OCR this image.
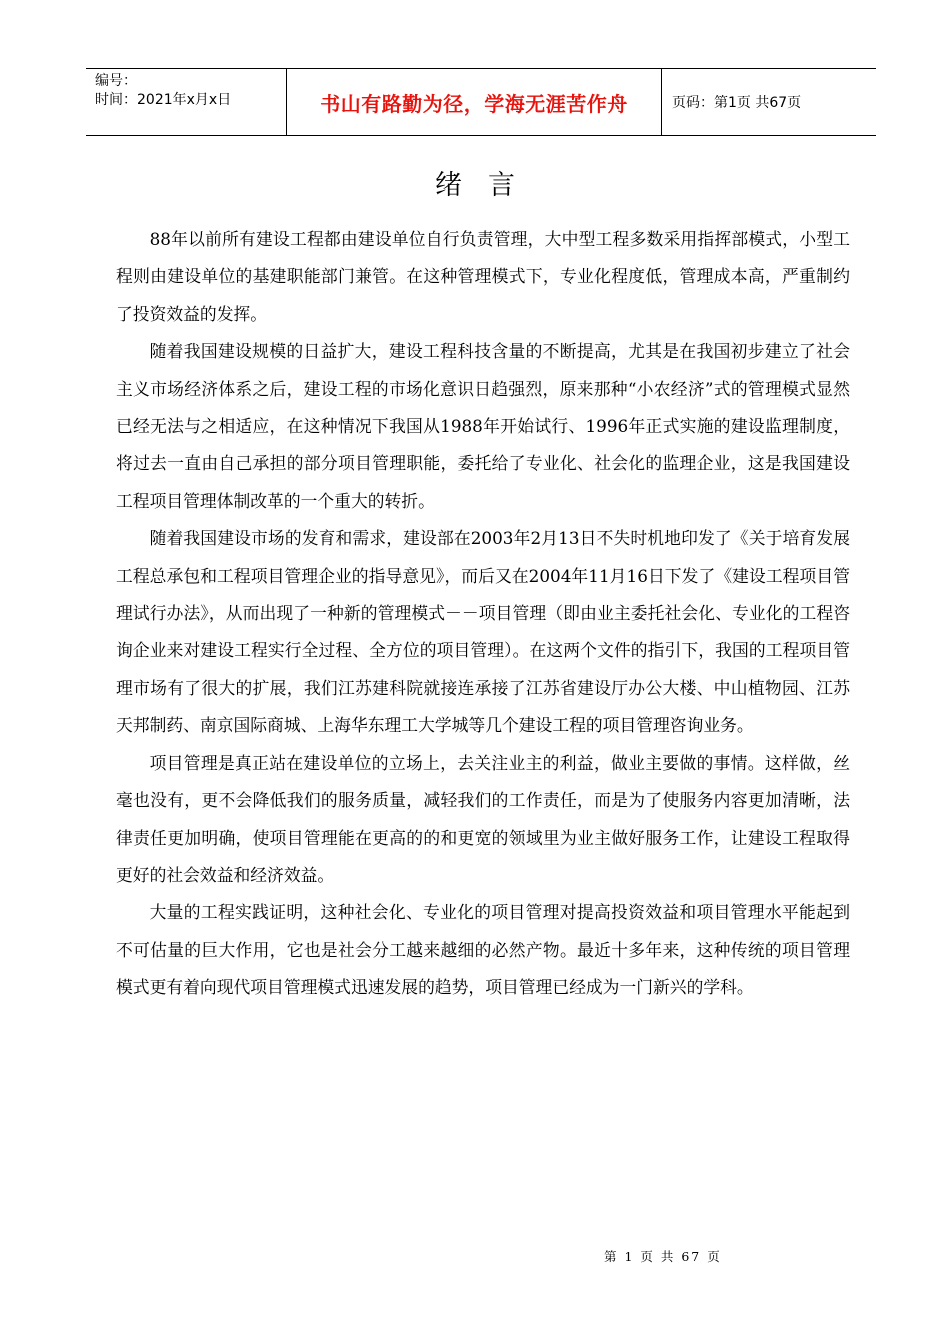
编号：
时间：2021年x月x日	书山有路勤为径，学海无涯苦作舟	页码：第1页 共67页
绪言

88年以前所有建设工程都由建设单位自行负责管理，大中型工程多数采用指挥部模式，小型工程则由建设单位的基建职能部门兼管。在这种管理模式下，专业化程度低，管理成本高，严重制约了投资效益的发挥。

随着我国建设规模的日益扩大，建设工程科技含量的不断提高，尤其是在我国初步建立了社会主义市场经济体系之后，建设工程的市场化意识日趋强烈，原来那种“小农经济”式的管理模式显然已经无法与之相适应，在这种情况下我国从1988年开始试行、1996年正式实施的建设监理制度，将过去一直由自己承担的部分项目管理职能，委托给了专业化、社会化的监理企业，这是我国建设工程项目管理体制改革的一个重大的转折。

随着我国建设市场的发育和需求，建设部在2003年2月13日不失时机地印发了《关于培育发展工程总承包和工程项目管理企业的指导意见》，而后又在2004年11月16日下发了《建设工程项目管理试行办法》，从而出现了一种新的管理模式－－项目管理（即由业主委托社会化、专业化的工程咨询企业来对建设工程实行全过程、全方位的项目管理）。在这两个文件的指引下，我国的工程项目管理市场有了很大的扩展，我们江苏建科院就接连承接了江苏省建设厅办公大楼、中山植物园、江苏天邦制药、南京国际商城、上海华东理工大学城等几个建设工程的项目管理咨询业务。

项目管理是真正站在建设单位的立场上，去关注业主的利益，做业主要做的事情。这样做，丝毫也没有，更不会降低我们的服务质量，减轻我们的工作责任，而是为了使服务内容更加清晰，法律责任更加明确，使项目管理能在更高的的和更宽的领域里为业主做好服务工作，让建设工程取得更好的社会效益和经济效益。

大量的工程实践证明，这种社会化、专业化的项目管理对提高投资效益和项目管理水平能起到不可估量的巨大作用，它也是社会分工越来越细的必然产物。最近十多年来，这种传统的项目管理模式更有着向现代项目管理模式迅速发展的趋势，项目管理已经成为一门新兴的学科。

第 1 页 共 67 页
